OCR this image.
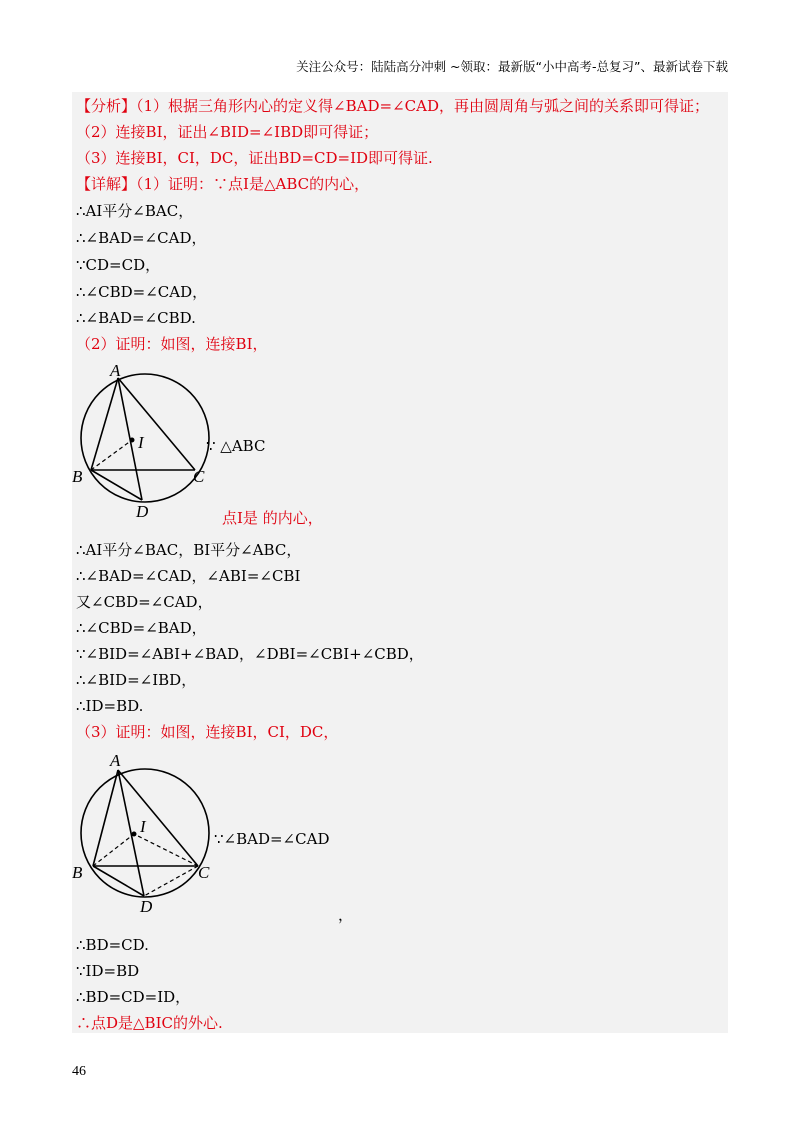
关注公众号：陆陆高分冲刺 ~领取：最新版“小中高考-总复习”、最新试卷下载
【分析】（1）根据三角形内心的定义得∠BAD=∠CAD，再由圆周角与弧之间的关系即可得证；
（2）连接BI，证出∠BID=∠IBD即可得证；
（3）连接BI，CI，DC，证出BD=CD=ID即可得证.
【详解】（1）证明：∵点I是△ABC的内心，
∴AI平分∠BAC，
∴∠BAD=∠CAD，
∵CD=CD，
∴∠CBD=∠CAD，
∴∠BAD=∠CBD.
（2）证明：如图，连接BI，
A
I
B	C
D
∵ △ABC
点I是 的内心，
∴AI平分∠BAC，BI平分∠ABC，
∴∠BAD=∠CAD，∠ABI=∠CBI
又∠CBD=∠CAD，
∴∠CBD=∠BAD，
∵∠BID=∠ABI+∠BAD，∠DBI=∠CBI+∠CBD，
∴∠BID=∠IBD，
∴ID=BD.
（3）证明：如图，连接BI，CI，DC，
A
I
B	C
D
∵∠BAD=∠CAD
，
∴BD=CD.
∵ID=BD
∴BD=CD=ID，
∴点D是△BIC的外心.
46
